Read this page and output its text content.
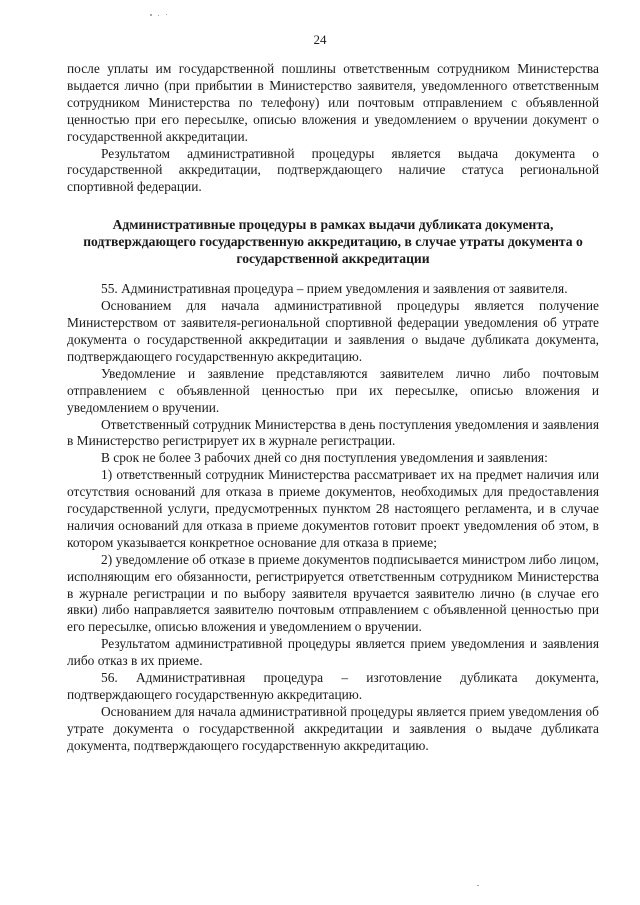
24

после уплаты им государственной пошлины ответственным сотрудником Министерства выдается лично (при прибытии в Министерство заявителя, уведомленного ответственным сотрудником Министерства по телефону) или почтовым отправлением с объявленной ценностью при его пересылке, описью вложения и уведомлением о вручении документ о государственной аккредитации.

Результатом административной процедуры является выдача документа о государственной аккредитации, подтверждающего наличие статуса региональной спортивной федерации.

Административные процедуры в рамках выдачи дубликата документа, подтверждающего государственную аккредитацию, в случае утраты документа о государственной аккредитации

55. Административная процедура – прием уведомления и заявления от заявителя.

Основанием для начала административной процедуры является получение Министерством от заявителя-региональной спортивной федерации уведомления об утрате документа о государственной аккредитации и заявления о выдаче дубликата документа, подтверждающего государственную аккредитацию.

Уведомление и заявление представляются заявителем лично либо почтовым отправлением с объявленной ценностью при их пересылке, описью вложения и уведомлением о вручении.

Ответственный сотрудник Министерства в день поступления уведомления и заявления в Министерство регистрирует их в журнале регистрации.

В срок не более 3 рабочих дней со дня поступления уведомления и заявления:

1) ответственный сотрудник Министерства рассматривает их на предмет наличия или отсутствия оснований для отказа в приеме документов, необходимых для предоставления государственной услуги, предусмотренных пунктом 28 настоящего регламента, и в случае наличия оснований для отказа в приеме документов готовит проект уведомления об этом, в котором указывается конкретное основание для отказа в приеме;

2) уведомление об отказе в приеме документов подписывается министром либо лицом, исполняющим его обязанности, регистрируется ответственным сотрудником Министерства в журнале регистрации и по выбору заявителя вручается заявителю лично (в случае его явки) либо направляется заявителю почтовым отправлением с объявленной ценностью при его пересылке, описью вложения и уведомлением о вручении.

Результатом административной процедуры является прием уведомления и заявления либо отказ в их приеме.

56. Административная процедура – изготовление дубликата документа, подтверждающего государственную аккредитацию.

Основанием для начала административной процедуры является прием уведомления об утрате документа о государственной аккредитации и заявления о выдаче дубликата документа, подтверждающего государственную аккредитацию.
